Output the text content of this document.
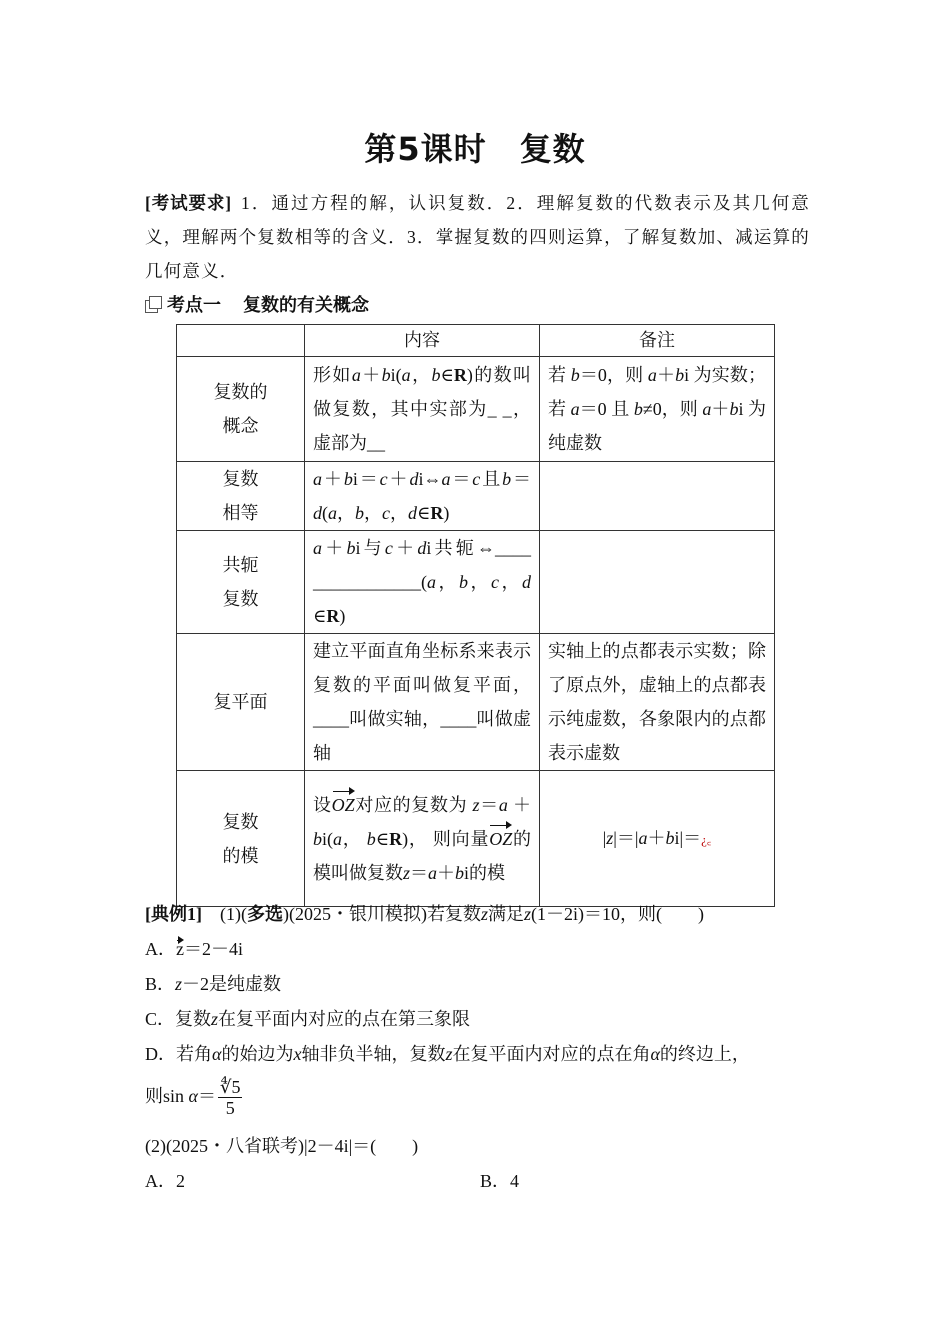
第5课时　复数
[考试要求] 1．通过方程的解，认识复数．2．理解复数的代数表示及其几何意义，理解两个复数相等的含义．3．掌握复数的四则运算，了解复数加、减运算的几何意义．
考点一 复数的有关概念
	内容	备注
复数的
概念	形如a＋bi(a，b∈R)的数叫做复数，其中实部为_ _，虚部为__	若 b＝0，则 a＋bi 为实数；若 a＝0 且 b≠0，则 a＋bi 为纯虚数

复数
相等	a＋bi＝c＋di⇔a＝c且b＝d(a，b，c，d∈R)	

共轭
复数	a＋bi与c＋di共轭⇔____ ____________(a，b，c，d ∈R)	

复平面	建立平面直角坐标系来表示复数的平面叫做复平面，____叫做实轴，____叫做虚轴	实轴上的点都表示实数；除了原点外，虚轴上的点都表示纯虚数，各象限内的点都表示虚数

复数
的模	设OZ对应的复数为 z＝a ＋ bi(a， b∈R)， 则向量OZ的模叫做复数z＝a＋bi的模	|z|＝|a＋bi|＝¿꜀
[典例1]　 (1)(多选)(2025・银川模拟)若复数z满足z(1－2i)＝10，则(　　)
A．z＝2－4i
B．z－2是纯虚数
C．复数z在复平面内对应的点在第三象限
D．若角α的始边为x轴非负半轴，复数z在复平面内对应的点在角α的终边上，
则$\sin \alpha= \frac{∜5}{5}$
(2)(2025・八省联考)|2－4i|＝(　　)
A．2	B．4
